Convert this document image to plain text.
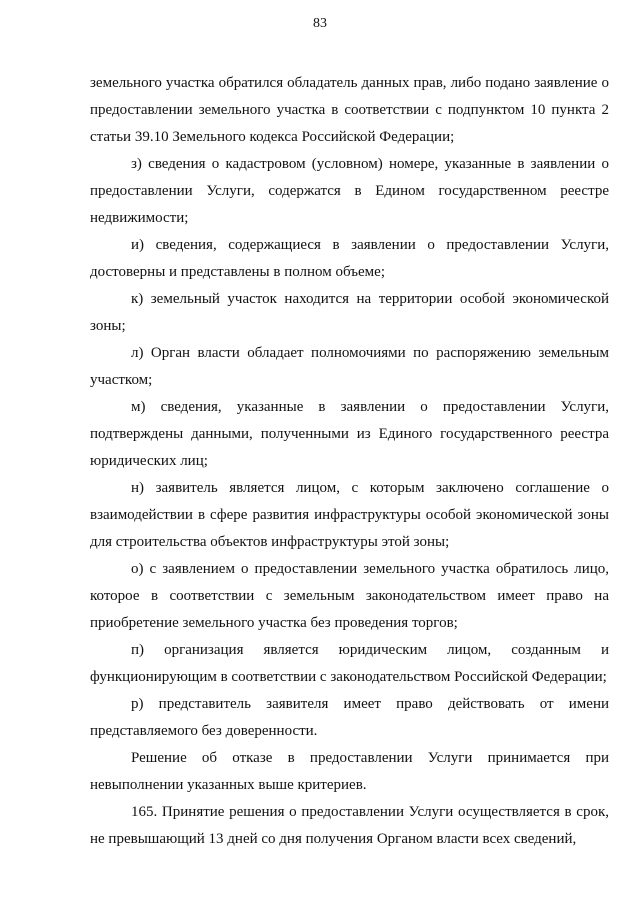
83

земельного участка обратился обладатель данных прав, либо подано заявление о предоставлении земельного участка в соответствии с подпунктом 10 пункта 2 статьи 39.10 Земельного кодекса Российской Федерации;

з) сведения о кадастровом (условном) номере, указанные в заявлении о предоставлении Услуги, содержатся в Едином государственном реестре недвижимости;

и) сведения, содержащиеся в заявлении о предоставлении Услуги, достоверны и представлены в полном объеме;

к) земельный участок находится на территории особой экономической зоны;

л) Орган власти обладает полномочиями по распоряжению земельным участком;

м) сведения, указанные в заявлении о предоставлении Услуги, подтверждены данными, полученными из Единого государственного реестра юридических лиц;

н) заявитель является лицом, с которым заключено соглашение о взаимодействии в сфере развития инфраструктуры особой экономической зоны для строительства объектов инфраструктуры этой зоны;

о) с заявлением о предоставлении земельного участка обратилось лицо, которое в соответствии с земельным законодательством имеет право на приобретение земельного участка без проведения торгов;

п) организация является юридическим лицом, созданным и функционирующим в соответствии с законодательством Российской Федерации;

р) представитель заявителя имеет право действовать от имени представляемого без доверенности.

Решение об отказе в предоставлении Услуги принимается при невыполнении указанных выше критериев.

165. Принятие решения о предоставлении Услуги осуществляется в срок, не превышающий 13 дней со дня получения Органом власти всех сведений,
